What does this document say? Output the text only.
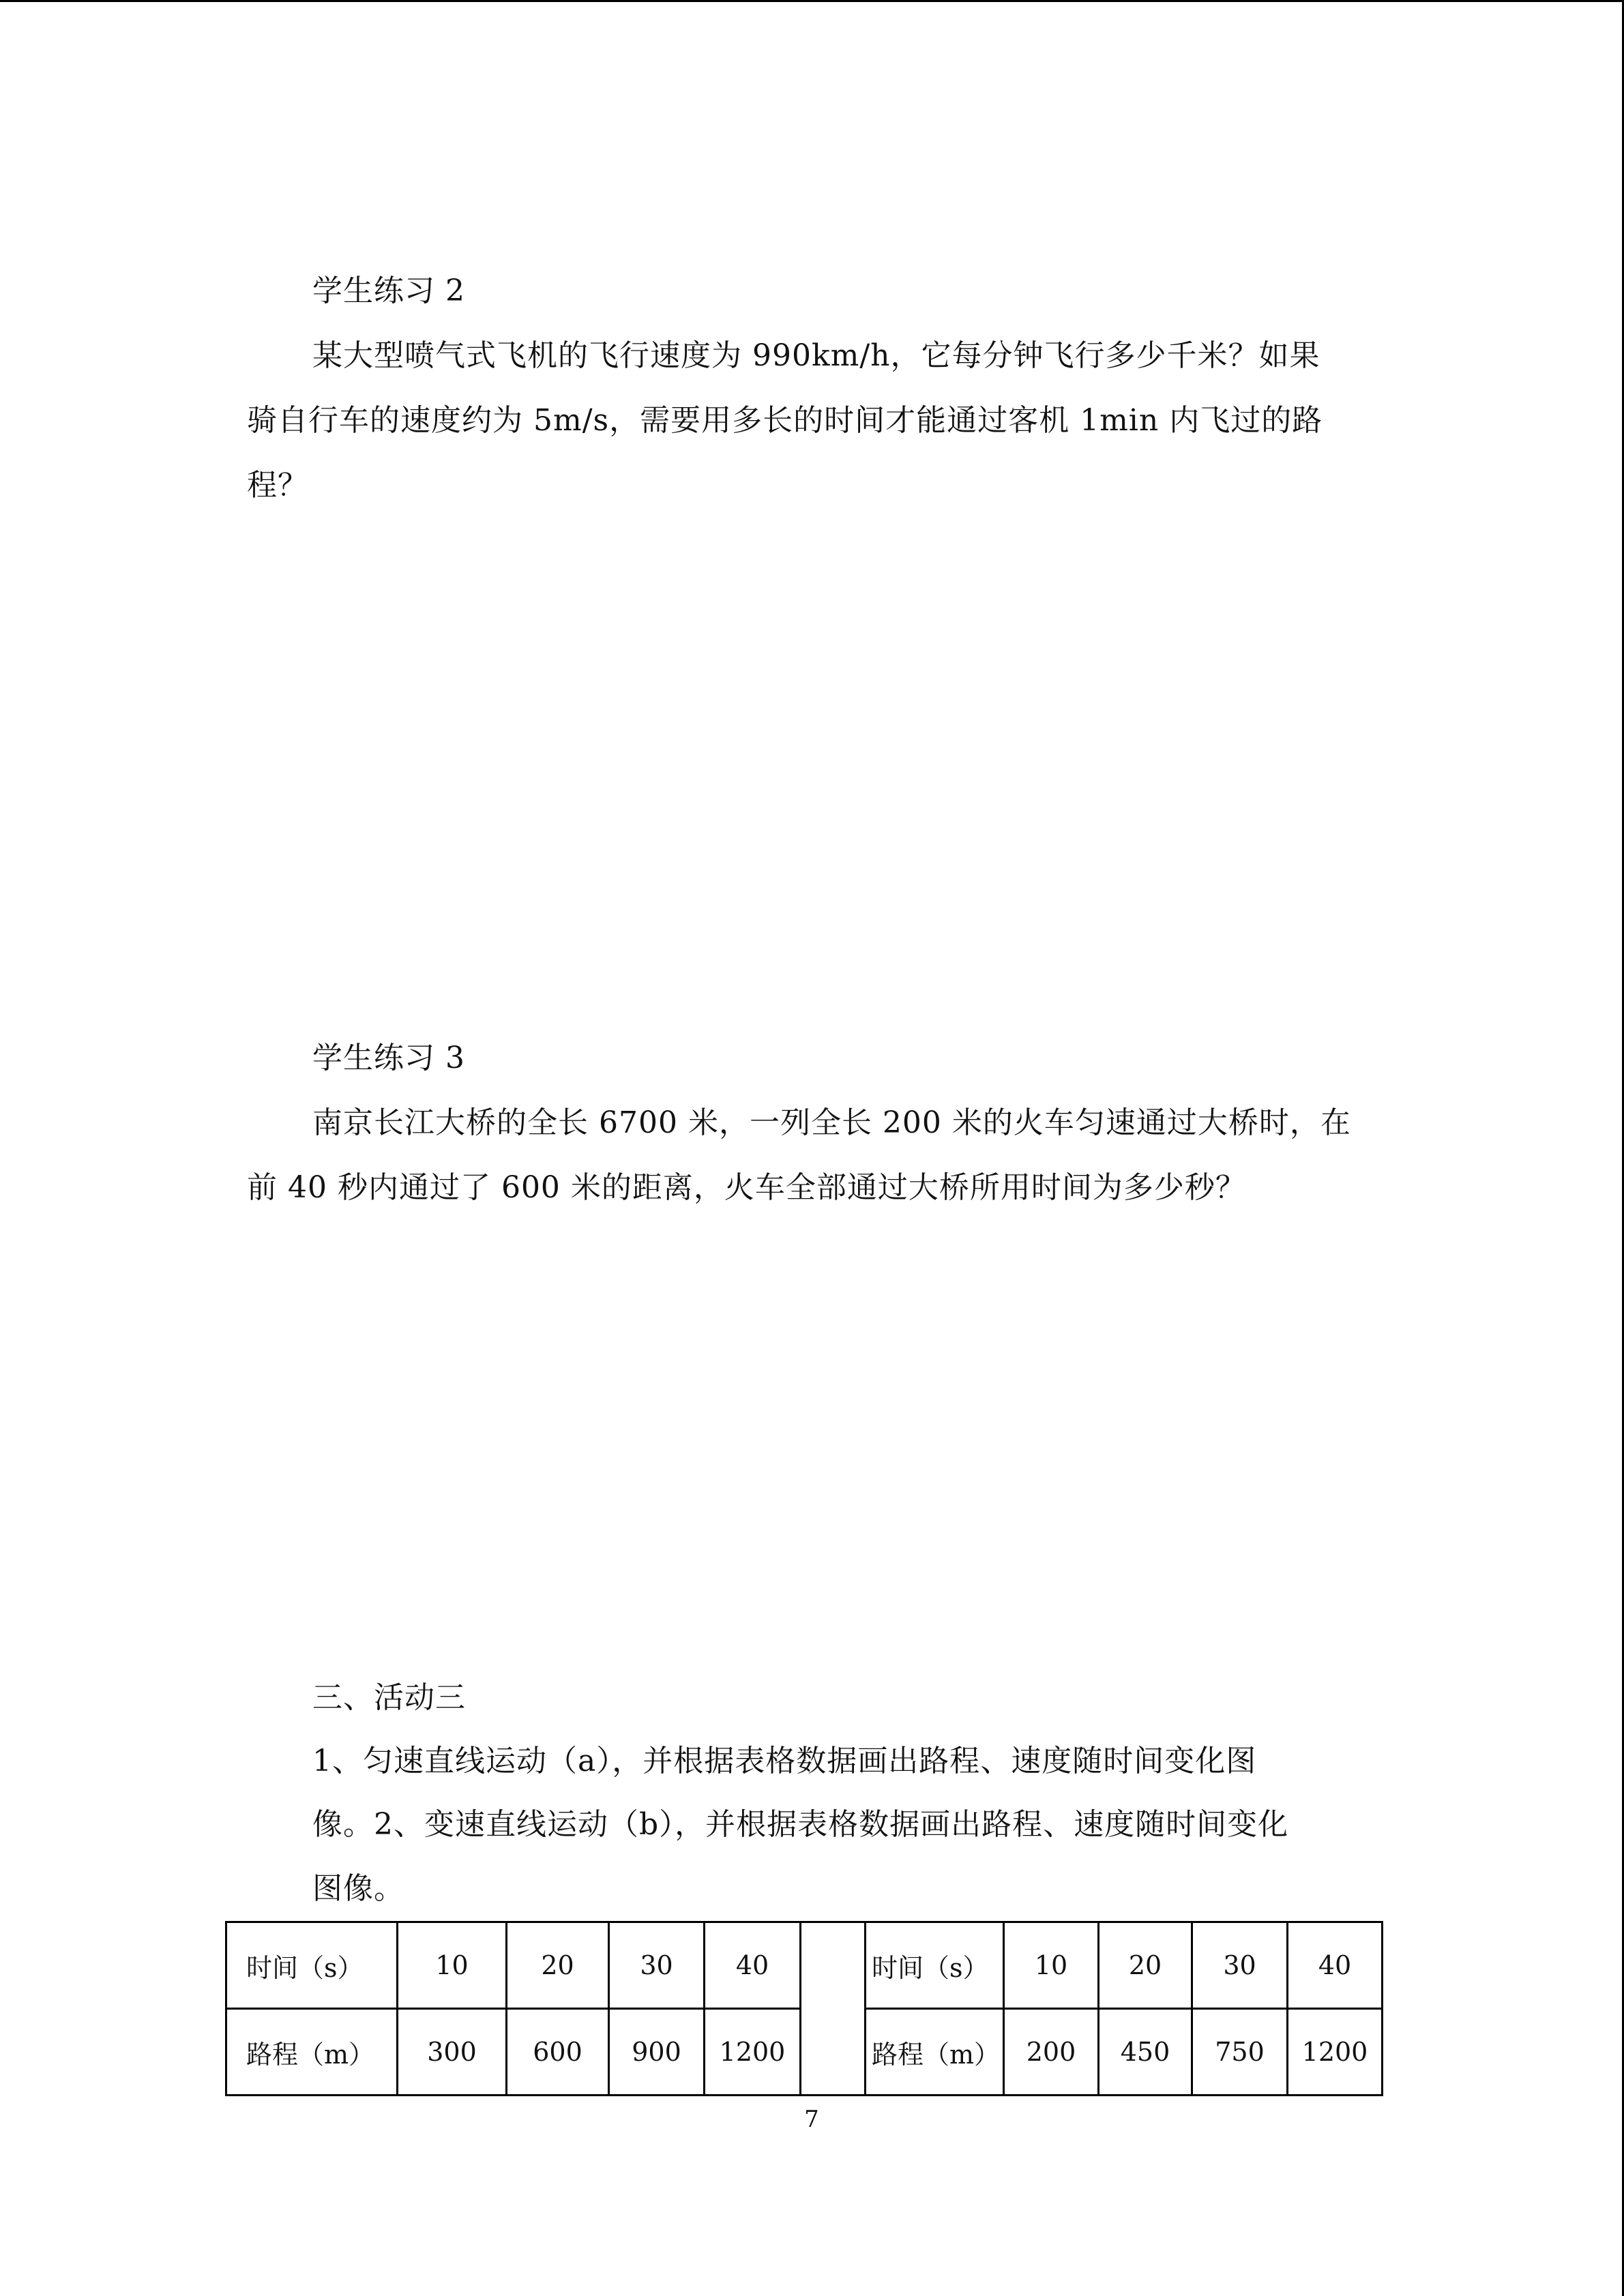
学生练习 2

某大型喷气式飞机的飞行速度为 990km/h，它每分钟飞行多少千米？如果

骑自行车的速度约为 5m/s，需要用多长的时间才能通过客机 1min 内飞过的路

程？

学生练习 3

南京长江大桥的全长 6700 米，一列全长 200 米的火车匀速通过大桥时，在

前 40 秒内通过了 600 米的距离，火车全部通过大桥所用时间为多少秒？

三、活动三

1、匀速直线运动（a），并根据表格数据画出路程、速度随时间变化图

像。2、变速直线运动（b），并根据表格数据画出路程、速度随时间变化

图像。

时间（s）	10	20	30	40		时间（s）	10	20	30	40
路程（m）	300	600	900	1200		路程（m）	200	450	750	1200
7
